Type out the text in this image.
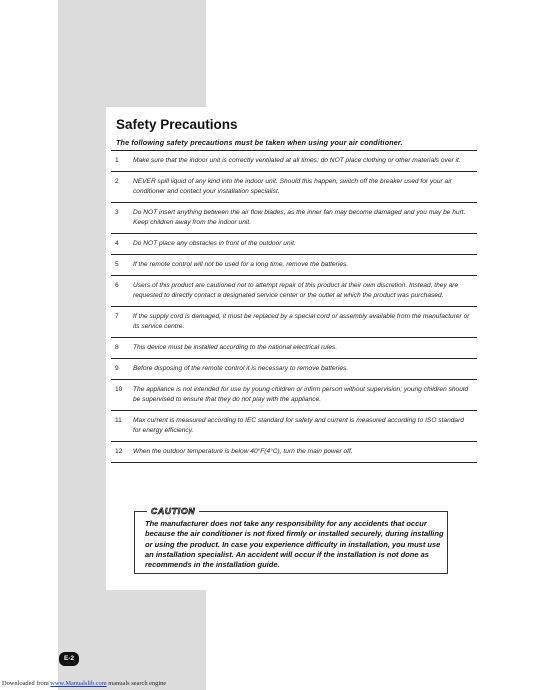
Safety Precautions

The following safety precautions must be taken when using your air conditioner.

1 Make sure that the indoor unit is correctly ventilated at all times; do NOT place clothing or other materials over it.
2 NEVER spill liquid of any kind into the indoor unit. Should this happen, switch off the breaker used for your air conditioner and contact your installation specialist.
3 Do NOT insert anything between the air flow blades, as the inner fan may become damaged and you may be hurt. Keep children away from the indoor unit.
4 Do NOT place any obstacles in front of the outdoor unit.
5 If the remote control will not be used for a long time, remove the batteries.
6 Users of this product are cautioned not to attempt repair of this product at their own discretion. Instead, they are requested to directly contact a designated service center or the outlet at which the product was purchased.
7 If the supply cord is damaged, it must be replaced by a special cord or assembly available from the manufacturer or its service centre.
8 This device must be installed according to the national electrical rules.
9 Before disposing of the remote control it is necessary to remove batteries.
10 The appliance is not intended for use by young children or infirm person without supervision; young children should be supervised to ensure that they do not play with the appliance.
11 Max current is measured according to IEC standard for safety and current is measured according to ISO standard for energy efficiency.
12 When the outdoor temperature is below 40°F(4°C), turn the main power off.
CAUTION

The manufacturer does not take any responsibility for any accidents that occur because the air conditioner is not fixed firmly or installed securely, during installing or using the product. In case you experience difficulty in installation, you must use an installation specialist. An accident will occur if the installation is not done as recommends in the installation guide.

E-2
Downloaded from www.Manualslib.com manuals search engine
